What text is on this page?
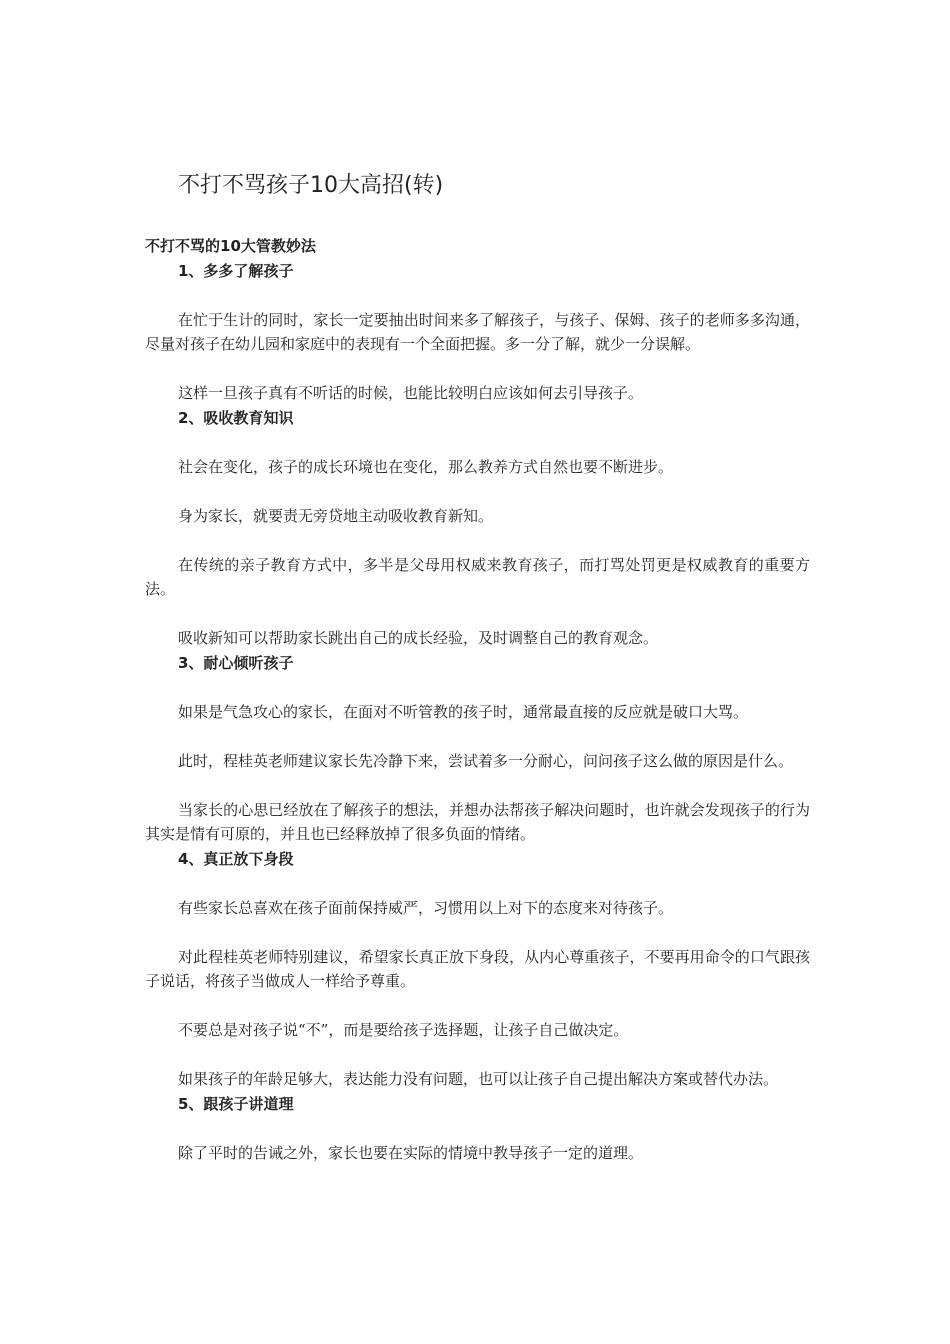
不打不骂孩子10大高招(转)

不打不骂的10大管教妙法

1、多多了解孩子

在忙于生计的同时，家长一定要抽出时间来多了解孩子，与孩子、保姆、孩子的老师多多沟通，尽量对孩子在幼儿园和家庭中的表现有一个全面把握。多一分了解，就少一分误解。

这样一旦孩子真有不听话的时候，也能比较明白应该如何去引导孩子。

2、吸收教育知识

社会在变化，孩子的成长环境也在变化，那么教养方式自然也要不断进步。

身为家长，就要责无旁贷地主动吸收教育新知。

在传统的亲子教育方式中，多半是父母用权威来教育孩子，而打骂处罚更是权威教育的重要方法。

吸收新知可以帮助家长跳出自己的成长经验，及时调整自己的教育观念。

3、耐心倾听孩子

如果是气急攻心的家长，在面对不听管教的孩子时，通常最直接的反应就是破口大骂。

此时，程桂英老师建议家长先冷静下来，尝试着多一分耐心，问问孩子这么做的原因是什么。

当家长的心思已经放在了解孩子的想法，并想办法帮孩子解决问题时，也许就会发现孩子的行为其实是情有可原的，并且也已经释放掉了很多负面的情绪。

4、真正放下身段

有些家长总喜欢在孩子面前保持威严，习惯用以上对下的态度来对待孩子。

对此程桂英老师特别建议，希望家长真正放下身段，从内心尊重孩子，不要再用命令的口气跟孩子说话，将孩子当做成人一样给予尊重。

不要总是对孩子说“不”，而是要给孩子选择题，让孩子自己做决定。

如果孩子的年龄足够大，表达能力没有问题，也可以让孩子自己提出解决方案或替代办法。

5、跟孩子讲道理

除了平时的告诫之外，家长也要在实际的情境中教导孩子一定的道理。
